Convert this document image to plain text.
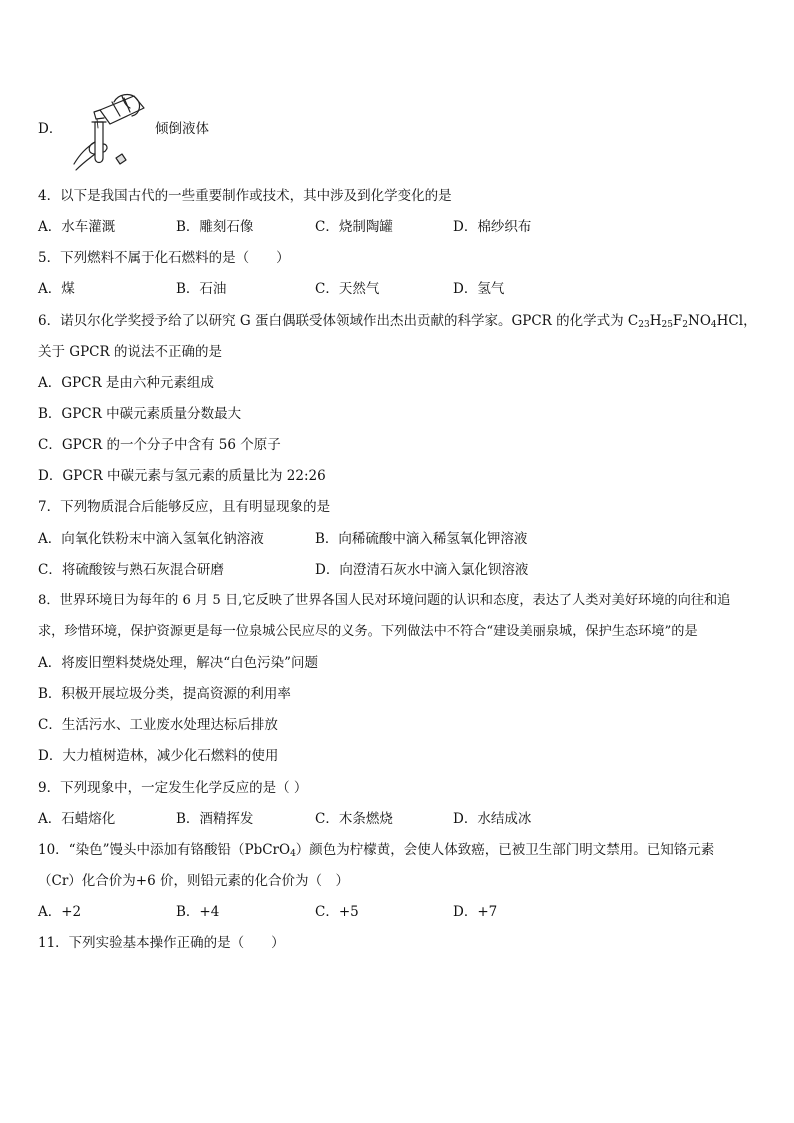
D．	倾倒液体
4．以下是我国古代的一些重要制作或技术，其中涉及到化学变化的是
A．水车灌溉	B．雕刻石像	C．烧制陶罐	D．棉纱织布
5．下列燃料不属于化石燃料的是（　　）
A．煤	B．石油	C．天然气	D．氢气
6．诺贝尔化学奖授予给了以研究 G 蛋白偶联受体领域作出杰出贡献的科学家。GPCR 的化学式为 $C_{23}H_{25}F_2NO_4HCl$，
关于 GPCR 的说法不正确的是
A．GPCR 是由六种元素组成
B．GPCR 中碳元素质量分数最大
C．GPCR 的一个分子中含有 56 个原子
D．GPCR 中碳元素与氢元素的质量比为 22:26
7．下列物质混合后能够反应，且有明显现象的是
A．向氧化铁粉末中滴入氢氧化钠溶液	B．向稀硫酸中滴入稀氢氧化钾溶液
C．将硫酸铵与熟石灰混合研磨	D．向澄清石灰水中滴入氯化钡溶液
8．世界环境日为每年的 6 月 5 日,它反映了世界各国人民对环境问题的认识和态度，表达了人类对美好环境的向往和追
求，珍惜环境，保护资源更是每一位泉城公民应尽的义务。下列做法中不符合“建设美丽泉城，保护生态环境”的是
A．将废旧塑料焚烧处理，解决“白色污染”问题
B．积极开展垃圾分类，提高资源的利用率
C．生活污水、工业废水处理达标后排放
D．大力植树造林，减少化石燃料的使用
9．下列现象中，一定发生化学反应的是（ ）
A．石蜡熔化	B．酒精挥发	C．木条燃烧	D．水结成冰
10．“染色”馒头中添加有铬酸铅（PbCrO$_4$）颜色为柠檬黄，会使人体致癌，已被卫生部门明文禁用。已知铬元素
（Cr）化合价为+6 价，则铅元素的化合价为（　）
A．+2	B．+4	C．+5	D．+7
11．下列实验基本操作正确的是（　　）
